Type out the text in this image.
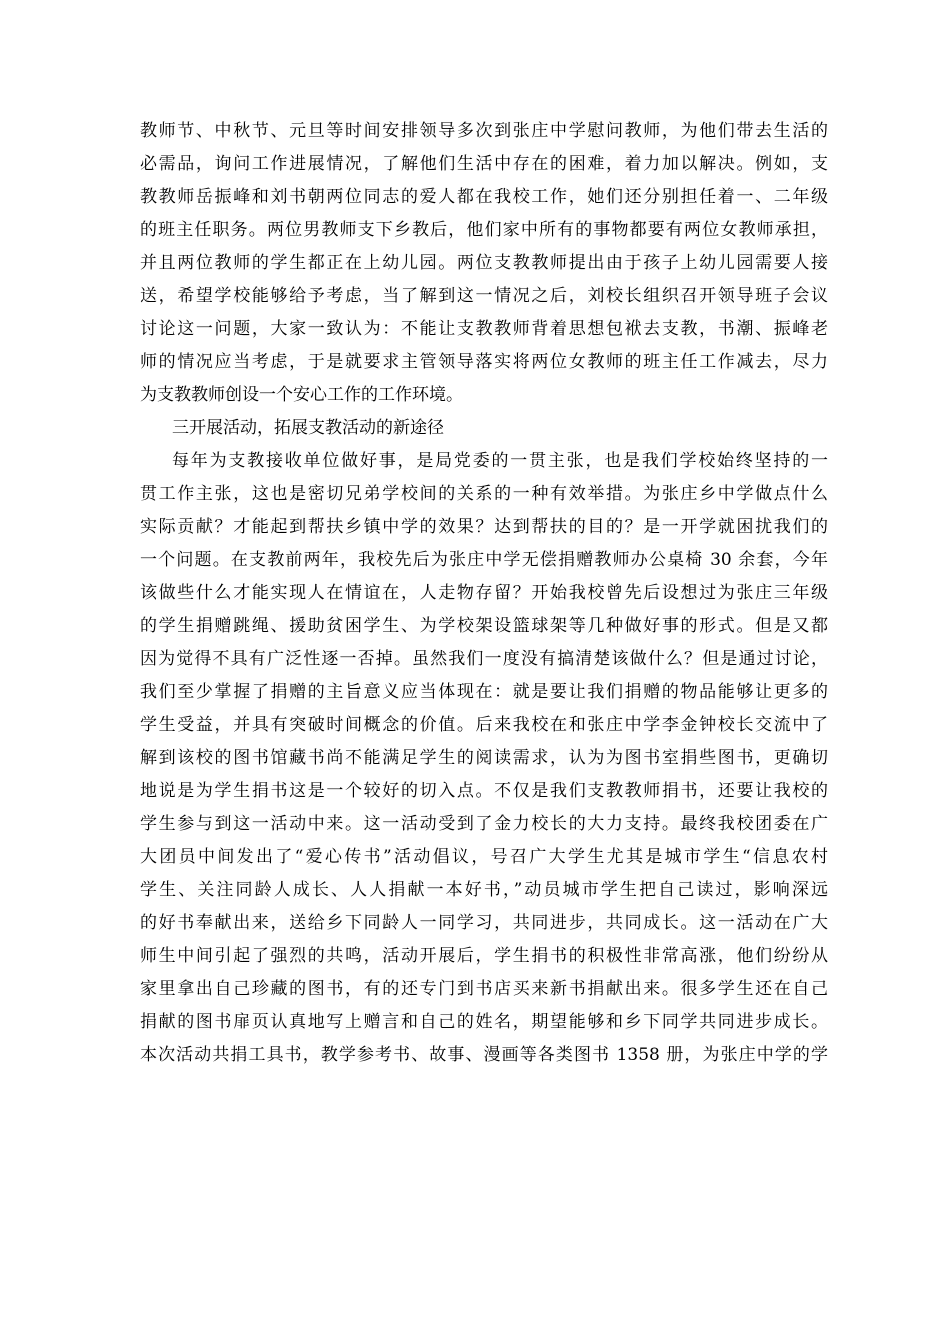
教师节、中秋节、元旦等时间安排领导多次到张庄中学慰问教师，为他们带去生活的
必需品，询问工作进展情况，了解他们生活中存在的困难，着力加以解决。例如，支
教教师岳振峰和刘书朝两位同志的爱人都在我校工作，她们还分别担任着一、二年级
的班主任职务。两位男教师支下乡教后，他们家中所有的事物都要有两位女教师承担，
并且两位教师的学生都正在上幼儿园。两位支教教师提出由于孩子上幼儿园需要人接
送，希望学校能够给予考虑，当了解到这一情况之后，刘校长组织召开领导班子会议
讨论这一问题，大家一致认为：不能让支教教师背着思想包袱去支教，书潮、振峰老
师的情况应当考虑，于是就要求主管领导落实将两位女教师的班主任工作减去，尽力
为支教教师创设一个安心工作的工作环境。
三开展活动，拓展支教活动的新途径
每年为支教接收单位做好事，是局党委的一贯主张，也是我们学校始终坚持的一
贯工作主张，这也是密切兄弟学校间的关系的一种有效举措。为张庄乡中学做点什么
实际贡献？才能起到帮扶乡镇中学的效果？达到帮扶的目的？是一开学就困扰我们的
一个问题。在支教前两年，我校先后为张庄中学无偿捐赠教师办公桌椅 30 余套，今年
该做些什么才能实现人在情谊在，人走物存留？开始我校曾先后设想过为张庄三年级
的学生捐赠跳绳、援助贫困学生、为学校架设篮球架等几种做好事的形式。但是又都
因为觉得不具有广泛性逐一否掉。虽然我们一度没有搞清楚该做什么？但是通过讨论，
我们至少掌握了捐赠的主旨意义应当体现在：就是要让我们捐赠的物品能够让更多的
学生受益，并具有突破时间概念的价值。后来我校在和张庄中学李金钟校长交流中了
解到该校的图书馆藏书尚不能满足学生的阅读需求，认为为图书室捐些图书，更确切
地说是为学生捐书这是一个较好的切入点。不仅是我们支教教师捐书，还要让我校的
学生参与到这一活动中来。这一活动受到了金力校长的大力支持。最终我校团委在广
大团员中间发出了“爱心传书”活动倡议，号召广大学生尤其是城市学生“信息农村
学生、关注同龄人成长、人人捐献一本好书，”动员城市学生把自己读过，影响深远
的好书奉献出来，送给乡下同龄人一同学习，共同进步，共同成长。这一活动在广大
师生中间引起了强烈的共鸣，活动开展后，学生捐书的积极性非常高涨，他们纷纷从
家里拿出自己珍藏的图书，有的还专门到书店买来新书捐献出来。很多学生还在自己
捐献的图书扉页认真地写上赠言和自己的姓名，期望能够和乡下同学共同进步成长。
本次活动共捐工具书，教学参考书、故事、漫画等各类图书 1358 册，为张庄中学的学
